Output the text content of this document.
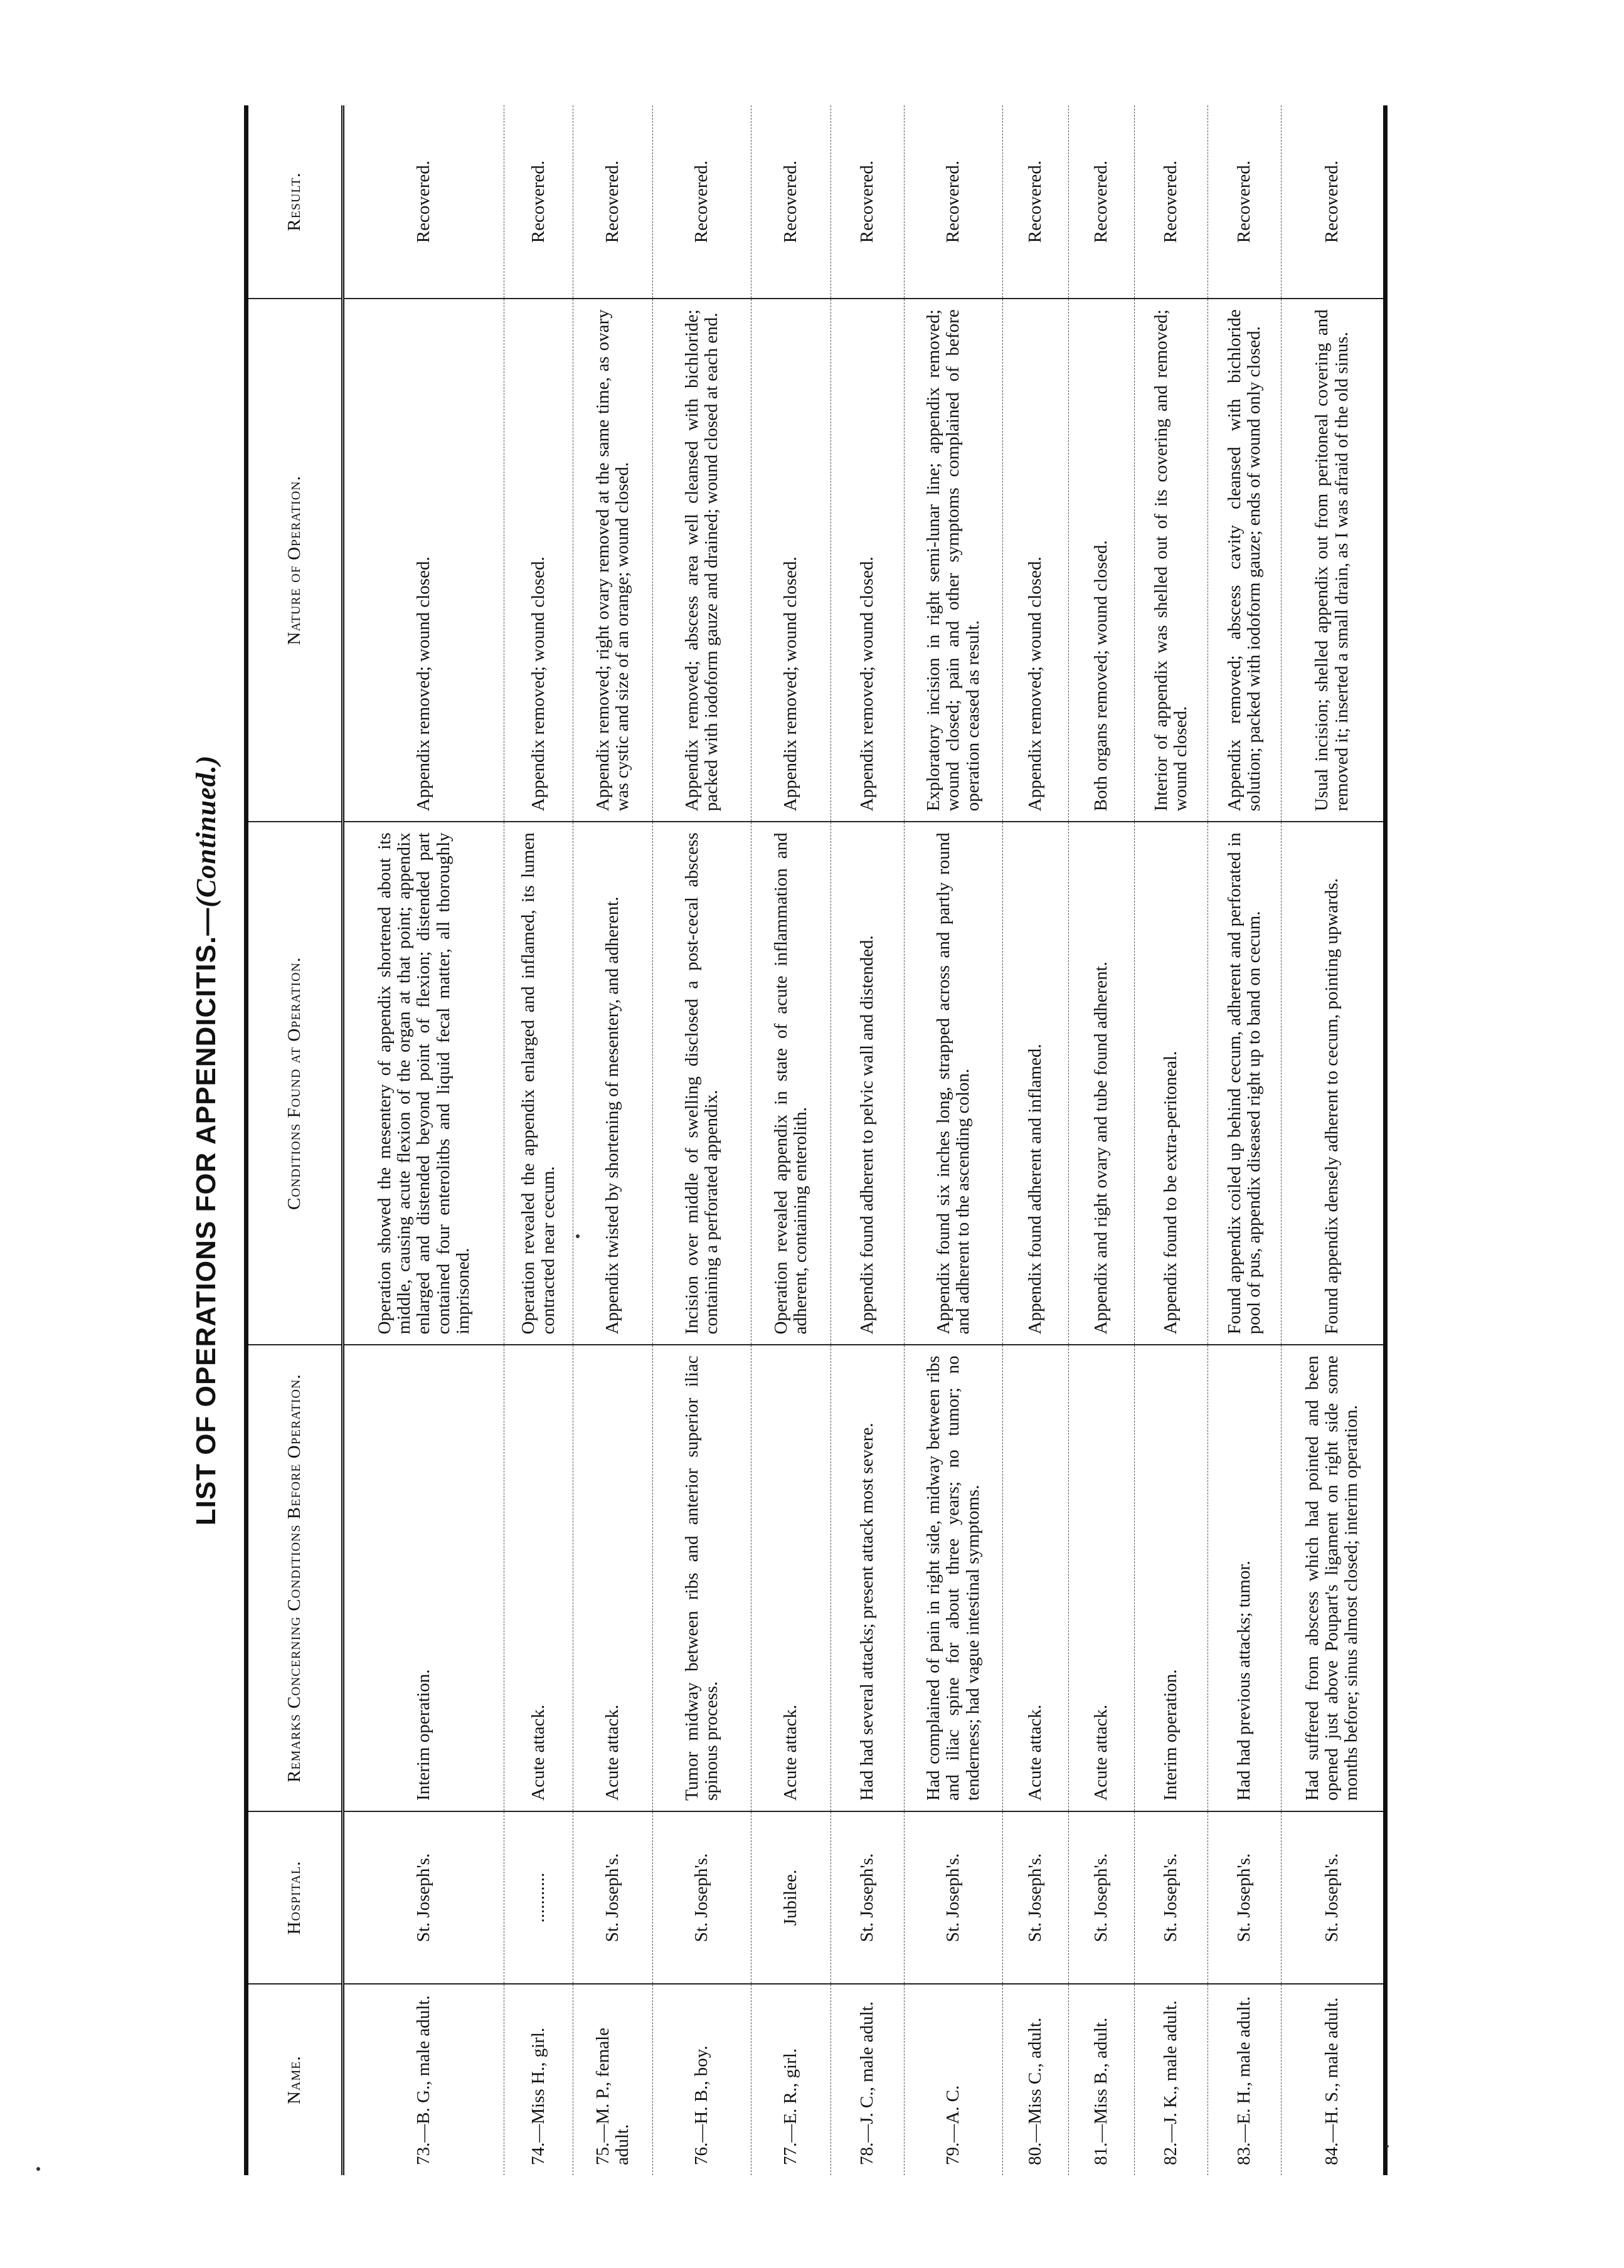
LIST OF OPERATIONS FOR APPENDICITIS.—(Continued.)
Name.	Hospital.	Remarks Concerning Conditions Before Operation.	Conditions Found at Operation.	Nature of Operation.	Result.
73.—B. G., male adult.	St. Joseph's.	Interim operation.	Operation showed the mesentery of appendix shortened about its middle, causing acute flexion of the organ at that point; appendix enlarged and distended beyond point of flexion; distended part contained four enterolitbs and liquid fecal matter, all thoroughly imprisoned.	Appendix removed; wound closed.	Recovered.
74.—Miss H., girl.	...........	Acute attack.	Operation revealed the appendix enlarged and inflamed, its lumen contracted near cecum.	Appendix removed; wound closed.	Recovered.
75.—M. P., female adult.	St. Joseph's.	Acute attack.	Appendix twisted by shortening of mesentery, and adherent.	Appendix removed; right ovary removed at the same time, as ovary was cystic and size of an orange; wound closed.	Recovered.
76.—H. B., boy.	St. Joseph's.	Tumor midway between ribs and anterior superior iliac spinous process.	Incision over middle of swelling disclosed a post-cecal abscess containing a perforated appendix.	Appendix removed; abscess area well cleansed with bichloride; packed with iodoform gauze and drained; wound closed at each end.	Recovered.
77.—E. R., girl.	Jubilee.	Acute attack.	Operation revealed appendix in state of acute inflammation and adherent, containing enterolith.	Appendix removed; wound closed.	Recovered.
78.—J. C., male adult.	St. Joseph's.	Had had several attacks; present attack most severe.	Appendix found adherent to pelvic wall and distended.	Appendix removed; wound closed.	Recovered.
79.—A. C.	St. Joseph's.	Had complained of pain in right side, midway between ribs and iliac spine for about three years; no tumor; no tenderness; had vague intestinal symptoms.	Appendix found six inches long, strapped across and partly round and adherent to the ascending colon.	Exploratory incision in right semi-lunar line; appendix removed; wound closed; pain and other symptoms complained of before operation ceased as result.	Recovered.
80.—Miss C., adult.	St. Joseph's.	Acute attack.	Appendix found adherent and inflamed.	Appendix removed; wound closed.	Recovered.
81.—Miss B., adult.	St. Joseph's.	Acute attack.	Appendix and right ovary and tube found adherent.	Both organs removed; wound closed.	Recovered.
82.—J. K., male adult.	St. Joseph's.	Interim operation.	Appendix found to be extra-peritoneal.	Interior of appendix was shelled out of its covering and removed; wound closed.	Recovered.
83.—E. H., male adult.	St. Joseph's.	Had had previous attacks; tumor.	Found appendix coiled up behind cecum, adherent and perforated in pool of pus, appendix diseased right up to band on cecum.	Appendix removed; abscess cavity cleansed with bichloride solution; packed with iodoform gauze; ends of wound only closed.	Recovered.
84.—H. S., male adult.	St. Joseph's.	Had suffered from abscess which had pointed and been opened just above Poupart's ligament on right side some months before; sinus almost closed; interim operation.	Found appendix densely adherent to cecum, pointing upwards.	Usual incision; shelled appendix out from peritoneal covering and removed it; inserted a small drain, as I was afraid of the old sinus.	Recovered.
